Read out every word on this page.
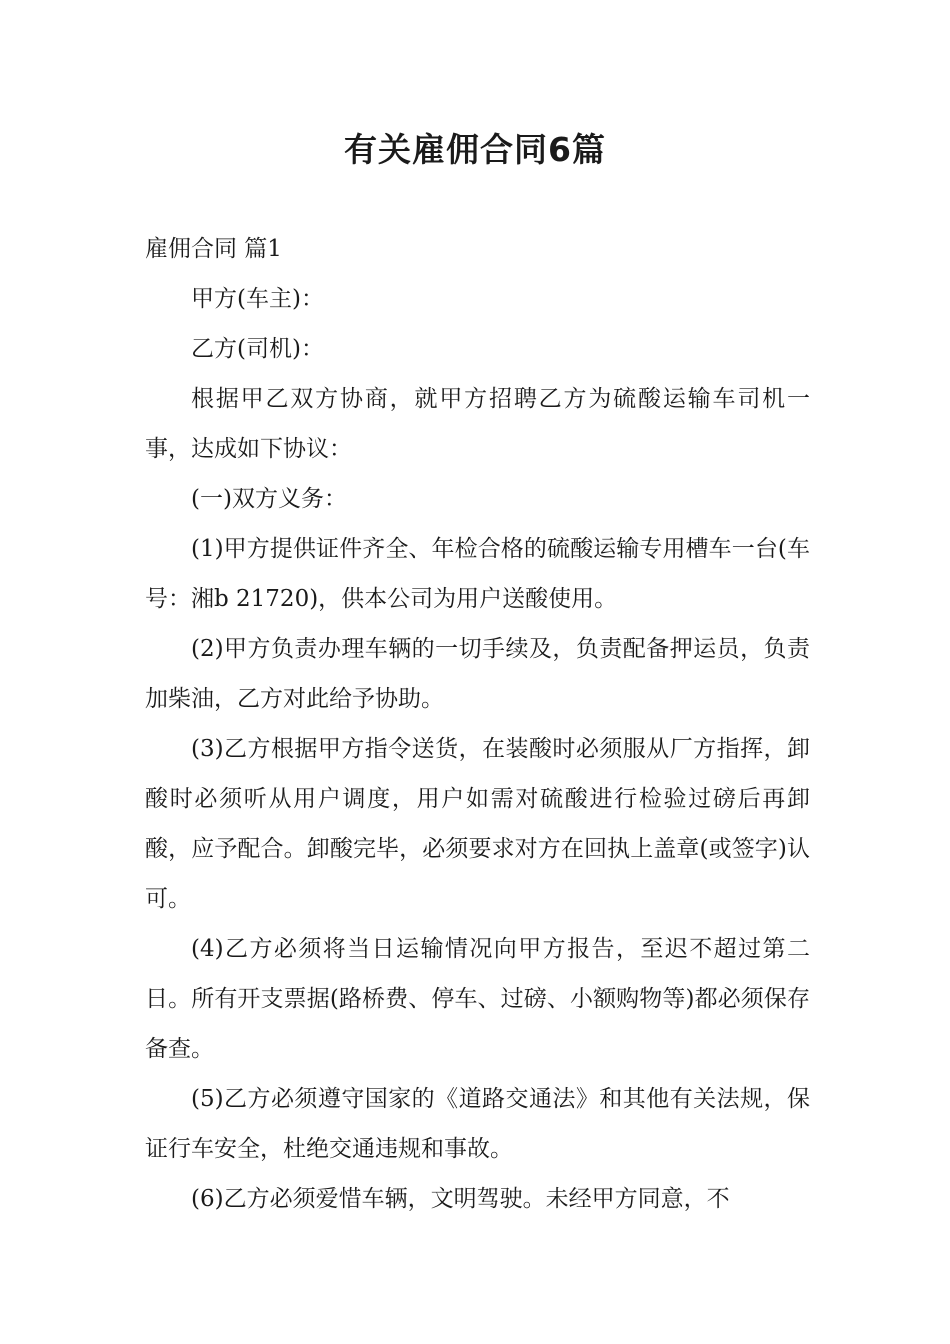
有关雇佣合同6篇
雇佣合同 篇1

甲方(车主)：

乙方(司机)：

根据甲乙双方协商，就甲方招聘乙方为硫酸运输车司机一事，达成如下协议：

(一)双方义务：

(1)甲方提供证件齐全、年检合格的硫酸运输专用槽车一台(车号：湘b 21720)，供本公司为用户送酸使用。

(2)甲方负责办理车辆的一切手续及，负责配备押运员，负责加柴油，乙方对此给予协助。

(3)乙方根据甲方指令送货，在装酸时必须服从厂方指挥，卸酸时必须听从用户调度，用户如需对硫酸进行检验过磅后再卸酸，应予配合。卸酸完毕，必须要求对方在回执上盖章(或签字)认可。

(4)乙方必须将当日运输情况向甲方报告，至迟不超过第二日。所有开支票据(路桥费、停车、过磅、小额购物等)都必须保存备查。

(5)乙方必须遵守国家的《道路交通法》和其他有关法规，保证行车安全，杜绝交通违规和事故。

(6)乙方必须爱惜车辆，文明驾驶。未经甲方同意，不
